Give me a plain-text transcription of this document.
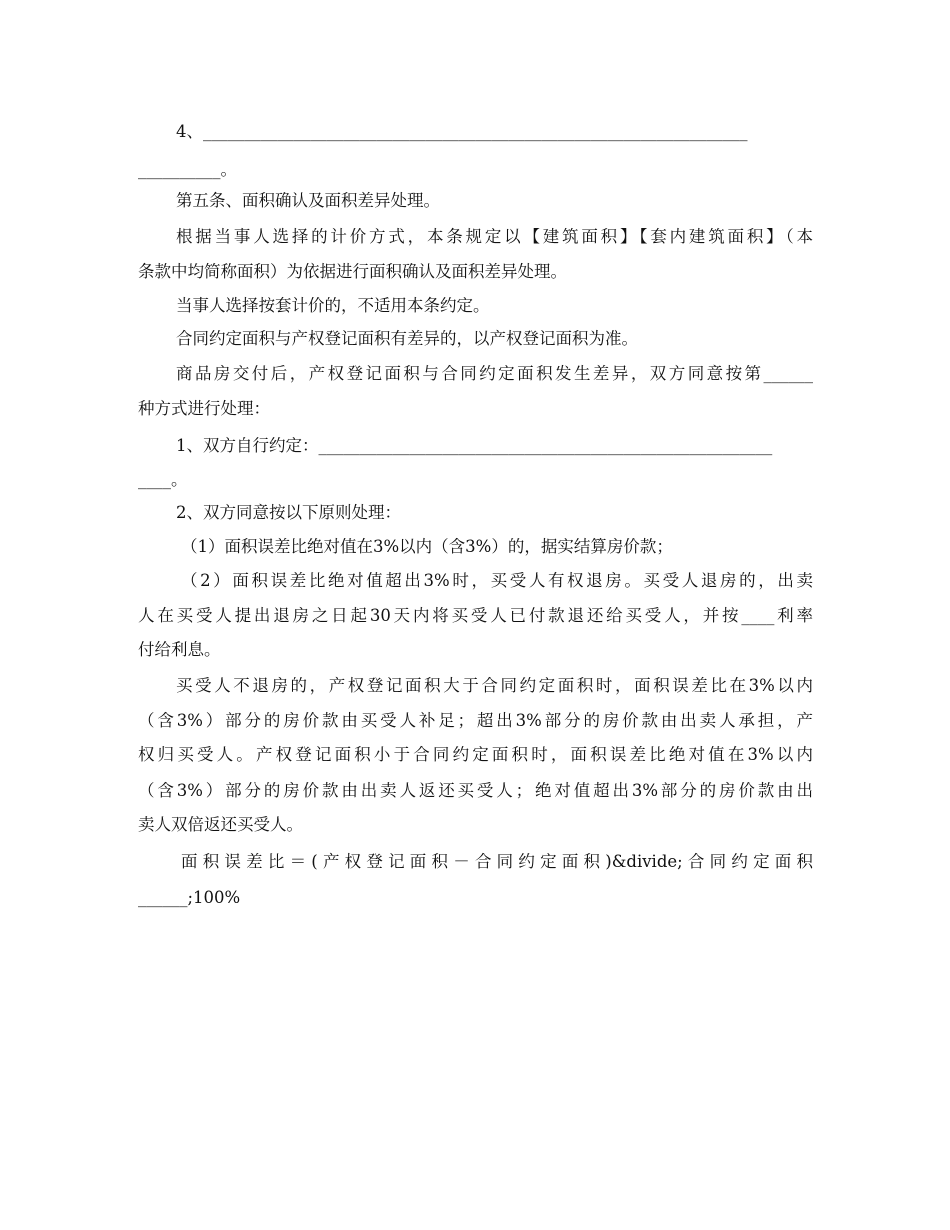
4、__________________________________________________________________
__________。
第五条、面积确认及面积差异处理。
根据当事人选择的计价方式，本条规定以【建筑面积】【套内建筑面积】（本
条款中均简称面积）为依据进行面积确认及面积差异处理。
当事人选择按套计价的，不适用本条约定。
合同约定面积与产权登记面积有差异的，以产权登记面积为准。
商品房交付后，产权登记面积与合同约定面积发生差异，双方同意按第______
种方式进行处理：
1、双方自行约定：_______________________________________________________
____。
2、双方同意按以下原则处理：
（1）面积误差比绝对值在3%以内（含3%）的，据实结算房价款；
（2）面积误差比绝对值超出3%时，买受人有权退房。买受人退房的，出卖
人在买受人提出退房之日起30天内将买受人已付款退还给买受人，并按____利率
付给利息。
买受人不退房的，产权登记面积大于合同约定面积时，面积误差比在3%以内
（含3%）部分的房价款由买受人补足；超出3%部分的房价款由出卖人承担，产
权归买受人。产权登记面积小于合同约定面积时，面积误差比绝对值在3%以内
（含3%）部分的房价款由出卖人返还买受人；绝对值超出3%部分的房价款由出
卖人双倍返还买受人。
面积误差比＝(产权登记面积－合同约定面积)&divide;合同约定面积
______;100%
